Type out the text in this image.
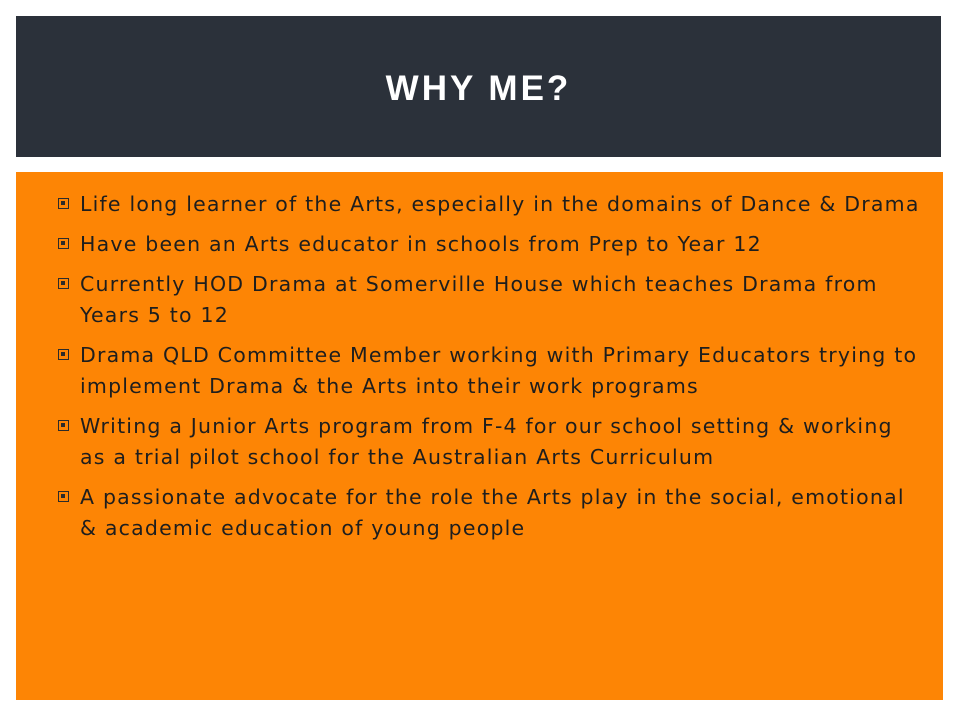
WHY ME?
Life long learner of the Arts, especially in the domains of Dance & Drama
Have been an Arts educator in schools from Prep to Year 12
Currently HOD Drama at Somerville House which teaches Drama from Years 5 to 12
Drama QLD Committee Member working with Primary Educators trying to implement Drama & the Arts into their work programs
Writing a Junior Arts program from F-4 for our school setting & working as a trial pilot school for the Australian Arts Curriculum
A passionate advocate for the role the Arts play in the social, emotional & academic education of young people
